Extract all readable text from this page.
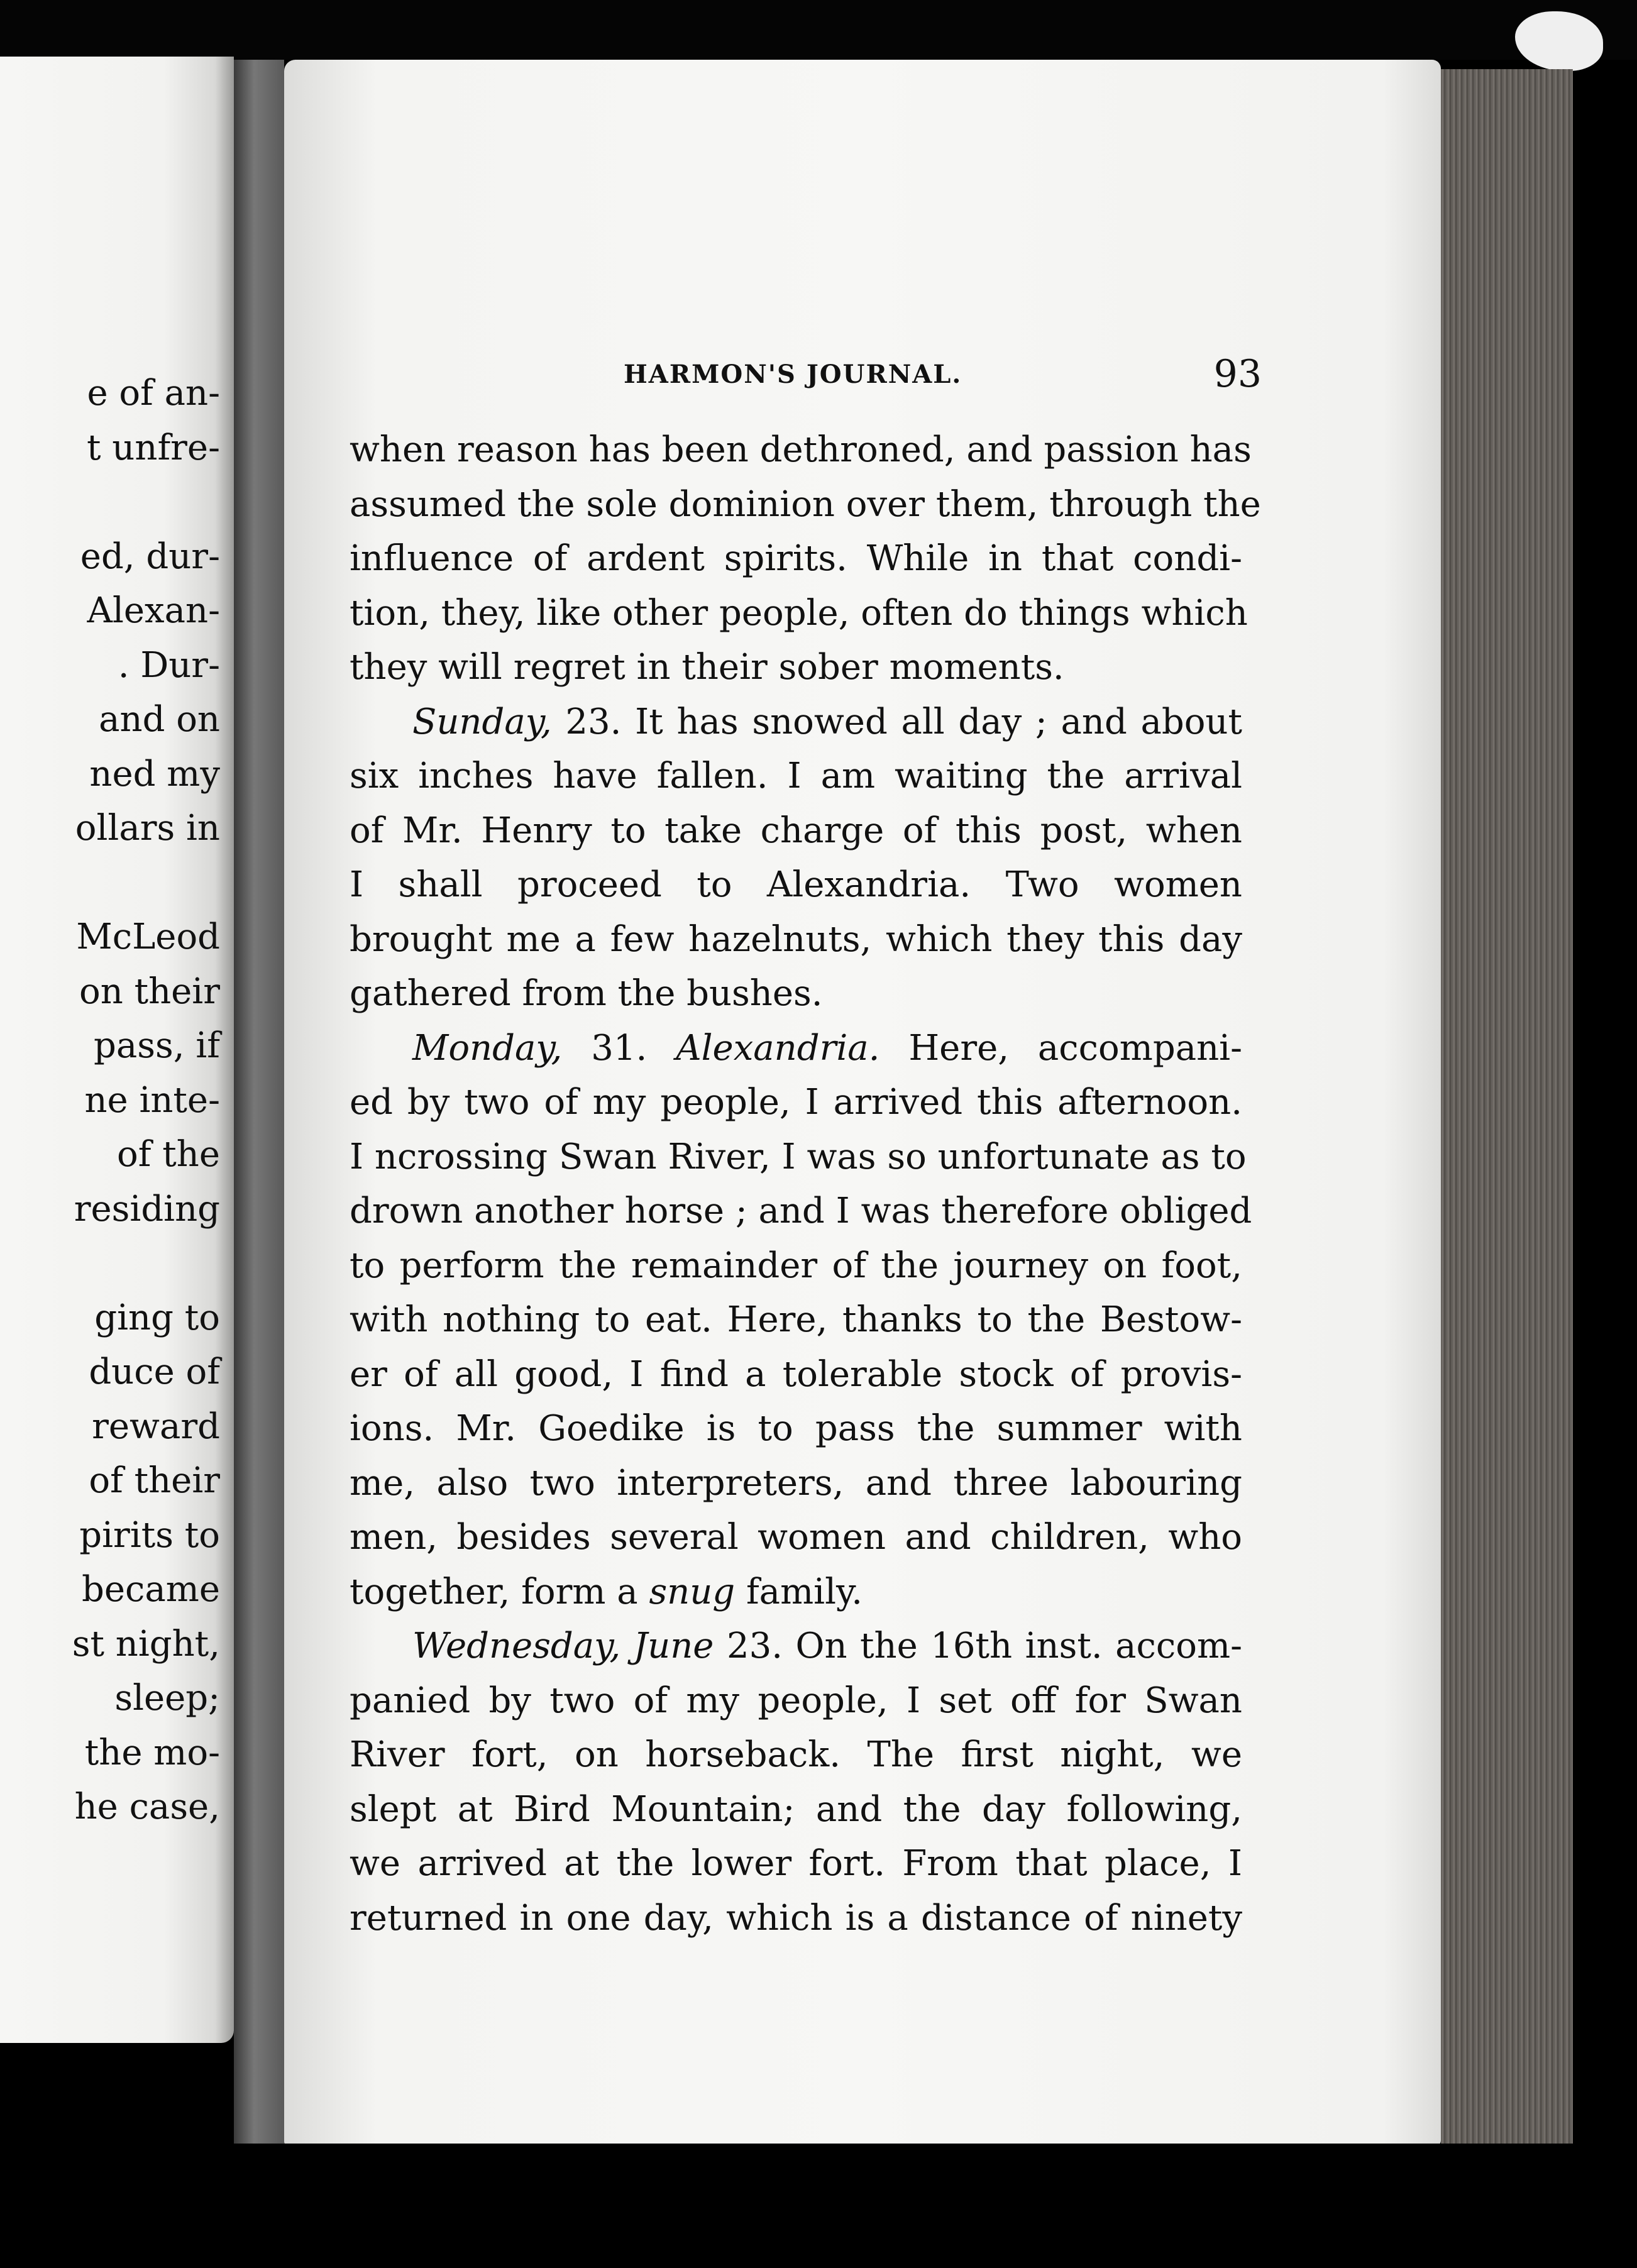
e of an-
t unfre-
ed, dur-
Alexan-
. Dur-
and on
ned my
ollars in
McLeod
on their
pass, if
ne inte-
of the
residing
ging to
duce of
reward
of their
pirits to
became
st night,
sleep;
the mo-
he case,
HARMON'S JOURNAL.	93
when reason has been dethroned, and passion has
assumed the sole dominion over them, through the
influence of ardent spirits. While in that condi-
tion, they, like other people, often do things which
they will regret in their sober moments.
Sunday, 23. It has snowed all day ; and about
six inches have fallen. I am waiting the arrival
of Mr. Henry to take charge of this post, when
I shall proceed to Alexandria. Two women
brought me a few hazelnuts, which they this day
gathered from the bushes.
Monday, 31. Alexandria. Here, accompani-
ed by two of my people, I arrived this afternoon.
I ncrossing Swan River, I was so unfortunate as to
drown another horse ; and I was therefore obliged
to perform the remainder of the journey on foot,
with nothing to eat. Here, thanks to the Bestow-
er of all good, I find a tolerable stock of provis-
ions. Mr. Goedike is to pass the summer with
me, also two interpreters, and three labouring
men, besides several women and children, who
together, form a snug family.
Wednesday, June 23. On the 16th inst. accom-
panied by two of my people, I set off for Swan
River fort, on horseback. The first night, we
slept at Bird Mountain; and the day following,
we arrived at the lower fort. From that place, I
returned in one day, which is a distance of ninety
